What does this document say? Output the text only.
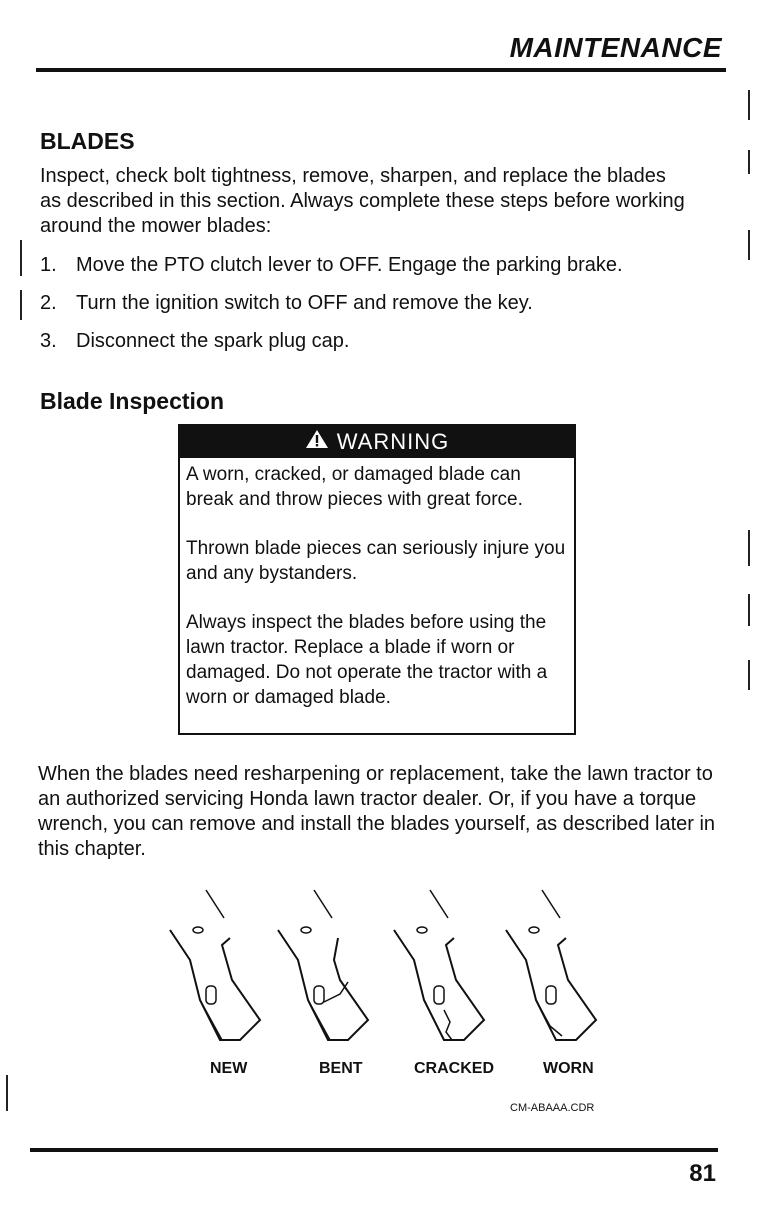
MAINTENANCE
BLADES
Inspect, check bolt tightness, remove, sharpen, and replace the blades as described in this section. Always complete these steps before working around the mower blades:
1. Move the PTO clutch lever to OFF. Engage the parking brake.
2. Turn the ignition switch to OFF and remove the key.
3. Disconnect the spark plug cap.
Blade Inspection
WARNING

A worn, cracked, or damaged blade can break and throw pieces with great force.

Thrown blade pieces can seriously injure you and any bystanders.

Always inspect the blades before using the lawn tractor. Replace a blade if worn or damaged. Do not operate the tractor with a worn or damaged blade.

When the blades need resharpening or replacement, take the lawn tractor to an authorized servicing Honda lawn tractor dealer. Or, if you have a torque wrench, you can remove and install the blades yourself, as described later in this chapter.
NEW	BENT	CRACKED	WORN
CM-ABAAA.CDR
81
